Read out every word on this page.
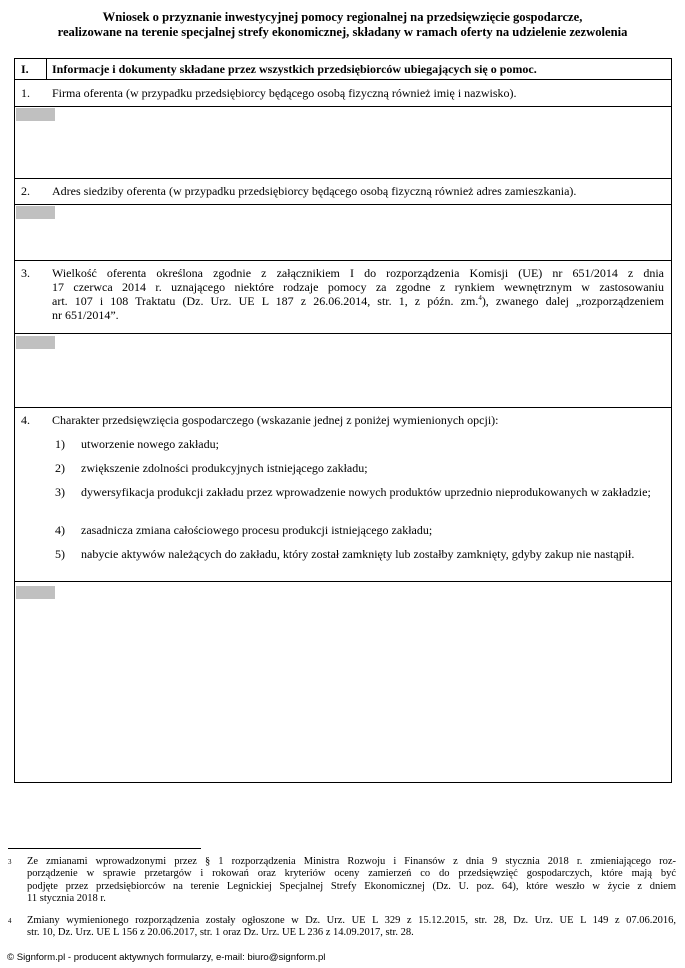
Wniosek o przyznanie inwestycyjnej pomocy regionalnej na przedsięwzięcie gospodarcze,
realizowane na terenie specjalnej strefy ekonomicznej, składany w ramach oferty na udzielenie zezwolenia
I. Informacje i dokumenty składane przez wszystkich przedsiębiorców ubiegających się o pomoc.
1. Firma oferenta (w przypadku przedsiębiorcy będącego osobą fizyczną również imię i nazwisko).
2. Adres siedziby oferenta (w przypadku przedsiębiorcy będącego osobą fizyczną również adres zamieszkania).
3. Wielkość oferenta określona zgodnie z załącznikiem I do rozporządzenia Komisji (UE) nr 651/2014 z dnia
17 czerwca 2014 r. uznającego niektóre rodzaje pomocy za zgodne z rynkiem wewnętrznym w zastosowaniu
art. 107 i 108 Traktatu (Dz. Urz. UE L 187 z 26.06.2014, str. 1, z późn. zm.$^4$), zwanego dalej „rozporządzeniem
nr 651/2014”.
4. Charakter przedsięwzięcia gospodarczego (wskazanie jednej z poniżej wymienionych opcji):
1) utworzenie nowego zakładu;
2) zwiększenie zdolności produkcyjnych istniejącego zakładu;
3) dywersyfikacja produkcji zakładu przez wprowadzenie nowych produktów uprzednio nieprodukowanych w zakładzie;
4) zasadnicza zmiana całościowego procesu produkcji istniejącego zakładu;
5) nabycie aktywów należących do zakładu, który został zamknięty lub zostałby zamknięty, gdyby zakup nie nastąpił.
3 Ze zmianami wprowadzonymi przez § 1 rozporządzenia Ministra Rozwoju i Finansów z dnia 9 stycznia 2018 r. zmieniającego roz-
porządzenie w sprawie przetargów i rokowań oraz kryteriów oceny zamierzeń co do przedsięwzięć gospodarczych, które mają być
podjęte przez przedsiębiorców na terenie Legnickiej Specjalnej Strefy Ekonomicznej (Dz. U. poz. 64), które weszło w życie z dniem
11 stycznia 2018 r.
4 Zmiany wymienionego rozporządzenia zostały ogłoszone w Dz. Urz. UE L 329 z 15.12.2015, str. 28, Dz. Urz. UE L 149 z 07.06.2016,
str. 10, Dz. Urz. UE L 156 z 20.06.2017, str. 1 oraz Dz. Urz. UE L 236 z 14.09.2017, str. 28.
© Signform.pl - producent aktywnych formularzy, e-mail: biuro@signform.pl
